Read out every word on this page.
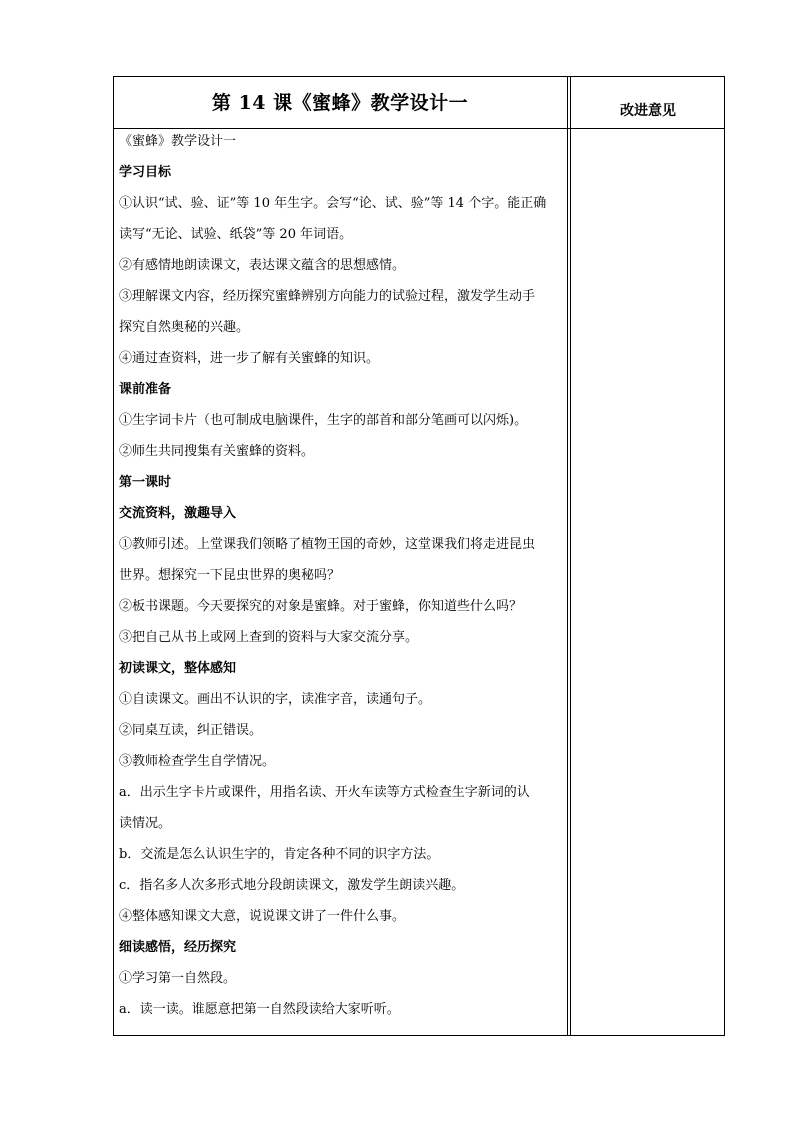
第 14 课《蜜蜂》教学设计一	改进意见
《蜜蜂》教学设计一
学习目标
①认识“试、验、证”等 10 年生字。会写“论、试、验”等 14 个字。能正确
读写“无论、试验、纸袋”等 20 年词语。
②有感情地朗读课文，表达课文蕴含的思想感情。
③理解课文内容，经历探究蜜蜂辨别方向能力的试验过程，激发学生动手
探究自然奥秘的兴趣。
④通过查资料，进一步了解有关蜜蜂的知识。
课前准备
①生字词卡片（也可制成电脑课件，生字的部首和部分笔画可以闪烁)。
②师生共同搜集有关蜜蜂的资料。
第一课时
交流资料，激趣导入
①教师引述。上堂课我们领略了植物王国的奇妙，这堂课我们将走进昆虫
世界。想探究一下昆虫世界的奥秘吗？
②板书课题。今天要探究的对象是蜜蜂。对于蜜蜂，你知道些什么吗？
③把自己从书上或网上查到的资料与大家交流分享。
初读课文，整体感知
①自读课文。画出不认识的字，读准字音，读通句子。
②同桌互读，纠正错误。
③教师检查学生自学情况。
a．出示生字卡片或课件，用指名读、开火车读等方式检查生字新词的认
读情况。
b．交流是怎么认识生字的，肯定各种不同的识字方法。
c．指名多人次多形式地分段朗读课文，激发学生朗读兴趣。
④整体感知课文大意，说说课文讲了一件什么事。
细读感悟，经历探究
①学习第一自然段。
a．读一读。谁愿意把第一自然段读给大家听听。
